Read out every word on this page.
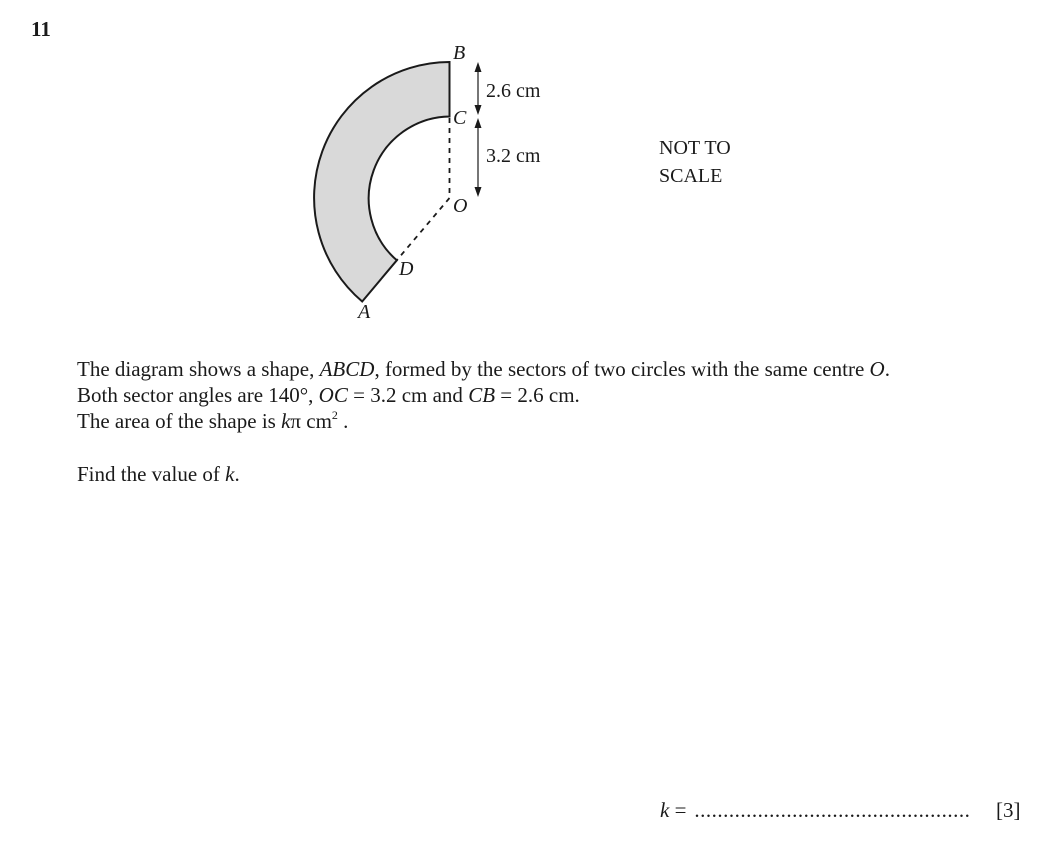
11
B
C
O
D
A
2.6 cm
3.2 cm	NOT TO
SCALE
The diagram shows a shape, ABCD, formed by the sectors of two circles with the same centre O.
Both sector angles are 140°, OC = 3.2 cm and CB = 2.6 cm.
The area of the shape is kπ $cm^2$ .
Find the value of k.
k = ................................................ [3]
